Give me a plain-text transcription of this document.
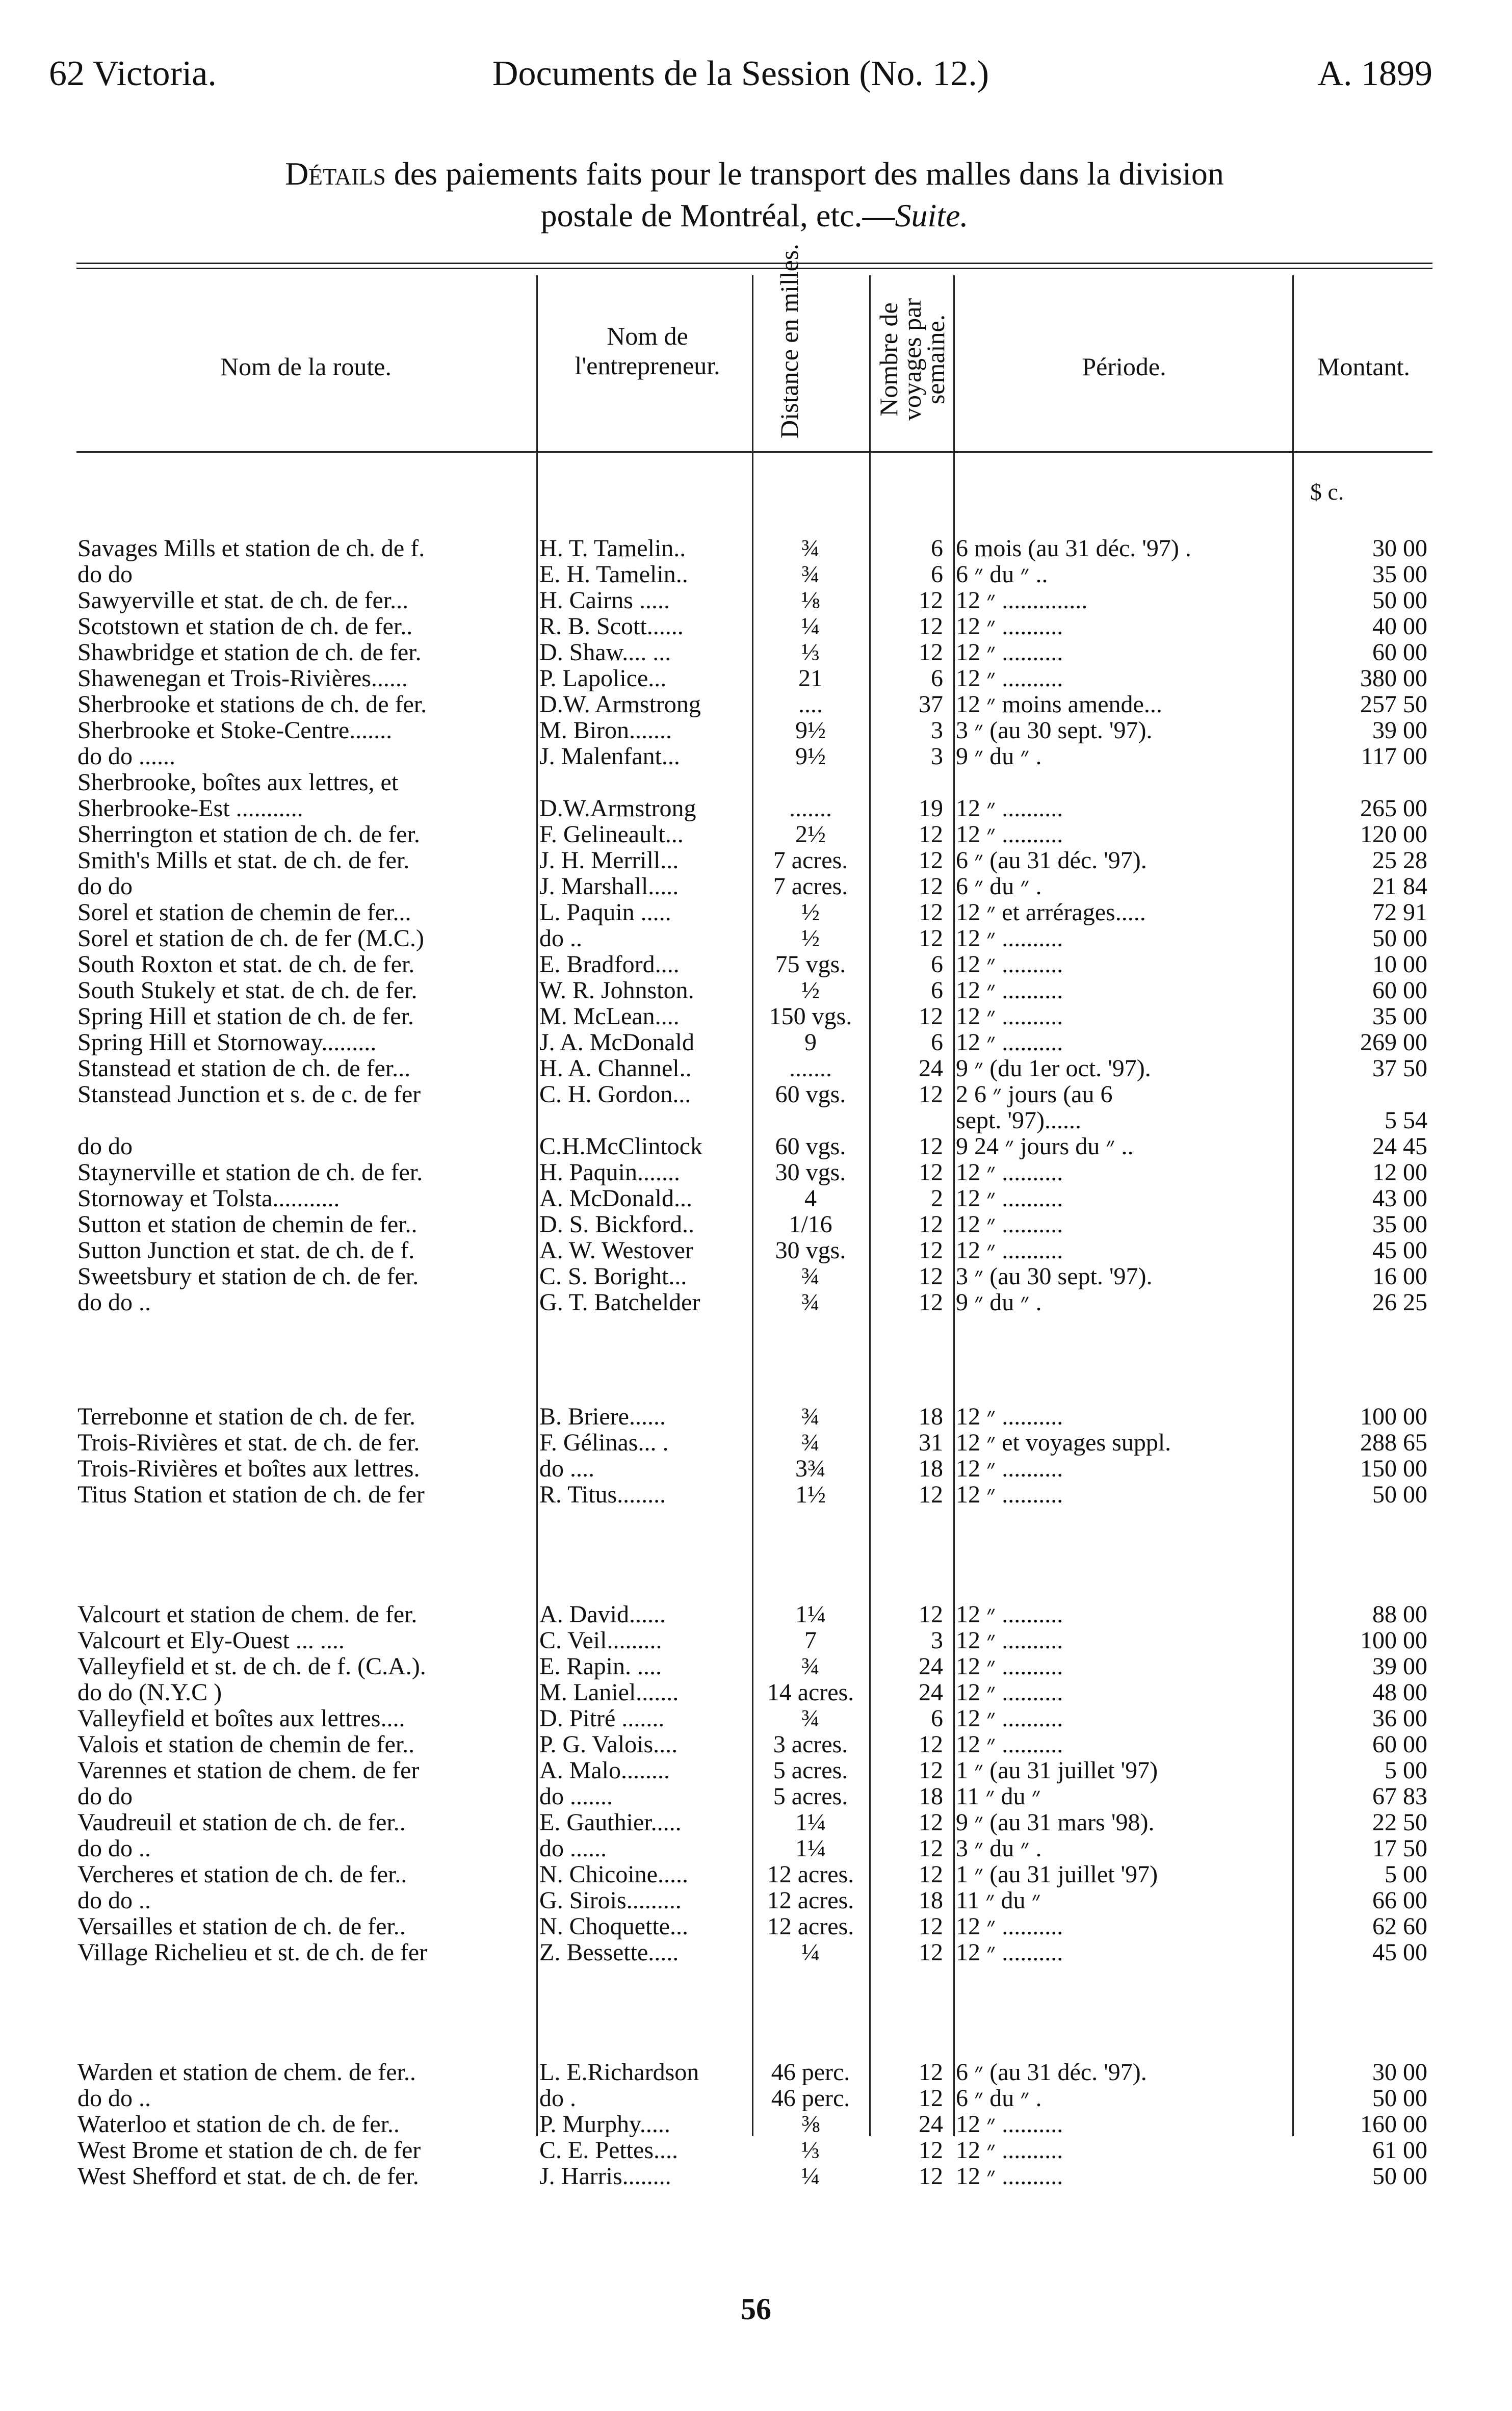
62 Victoria.	Documents de la Session (No. 12.)	A. 1899
Détails des paiements faits pour le transport des malles dans la division
postale de Montréal, etc.—Suite.
Nom de la route.
Nom de l'entrepreneur.	Distance en milles.	Nombre de voyages par semaine.	Période.	Montant.
$ c.
Savages Mills et station de ch. de f.	H. T. Tamelin..	¾	6 6 mois (au 31 déc. '97) .	30 00
do do	E. H. Tamelin..	¾	6 6 ״ du ״ ..	35 00
Sawyerville et stat. de ch. de fer...	H. Cairns .....	⅛	12 12 ״ ..............	50 00
Scotstown et station de ch. de fer..	R. B. Scott......	¼	12 12 ״ ..........	40 00
Shawbridge et station de ch. de fer.	D. Shaw.... ...	⅓	12 12 ״ ..........	60 00
Shawenegan et Trois-Rivières......	P. Lapolice...	21	6 12 ״ ..........	380 00
Sherbrooke et stations de ch. de fer.	D.W. Armstrong	....	37 12 ״ moins amende...	257 50
Sherbrooke et Stoke-Centre.......	M. Biron.......	9½	3 3 ״ (au 30 sept. '97).	39 00
do do ......	J. Malenfant...	9½	3 9 ״ du ״ .	117 00
Sherbrooke, boîtes aux lettres, et
Sherbrooke-Est ...........	D.W.Armstrong	.......	19 12 ״ ..........	265 00
Sherrington et station de ch. de fer.	F. Gelineault...	2½	12 12 ״ ..........	120 00
Smith's Mills et stat. de ch. de fer.	J. H. Merrill...	7 acres.	12 6 ״ (au 31 déc. '97).	25 28
do do	J. Marshall.....	7 acres.	12 6 ״ du ״ .	21 84
Sorel et station de chemin de fer...	L. Paquin .....	½	12 12 ״ et arrérages.....	72 91
Sorel et station de ch. de fer (M.C.)	do ..	½	12 12 ״ ..........	50 00
South Roxton et stat. de ch. de fer.	E. Bradford....	75 vgs.	6 12 ״ ..........	10 00
South Stukely et stat. de ch. de fer.	W. R. Johnston.	½	6 12 ״ ..........	60 00
Spring Hill et station de ch. de fer.	M. McLean....	150 vgs.	12 12 ״ ..........	35 00
Spring Hill et Stornoway.........	J. A. McDonald	9	6 12 ״ ..........	269 00
Stanstead et station de ch. de fer...	H. A. Channel..	.......	24 9 ״ (du 1er oct. '97).	37 50
Stanstead Junction et s. de c. de fer	C. H. Gordon...	60 vgs.	12 2 ״ 6 jours (au 6
sept. '97)......	5 54
do do	C.H.McClintock	60 vgs.	12 9 ״ 24 jours du ״ ..	24 45
Staynerville et station de ch. de fer.	H. Paquin.......	30 vgs.	12 12 ״ ..........	12 00
Stornoway et Tolsta...........	A. McDonald...	4	2 12 ״ ..........	43 00
Sutton et station de chemin de fer..	D. S. Bickford..	1/16	12 12 ״ ..........	35 00
Sutton Junction et stat. de ch. de f.	A. W. Westover	30 vgs.	12 12 ״ ..........	45 00
Sweetsbury et station de ch. de fer.	C. S. Boright...	¾	12 3 ״ (au 30 sept. '97).	16 00
do do ..	G. T. Batchelder	¾	12 9 ״ du ״ .	26 25
Terrebonne et station de ch. de fer.	B. Briere......	¾	18 12 ״ ..........	100 00
Trois-Rivières et stat. de ch. de fer.	F. Gélinas... .	¾	31 12 ״ et voyages suppl.	288 65
Trois-Rivières et boîtes aux lettres.	do ....	3¾	18 12 ״ ..........	150 00
Titus Station et station de ch. de fer	R. Titus........	1½	12 12 ״ ..........	50 00
Valcourt et station de chem. de fer.	A. David......	1¼	12 12 ״ ..........	88 00
Valcourt et Ely-Ouest ... ....	C. Veil.........	7	3 12 ״ ..........	100 00
Valleyfield et st. de ch. de f. (C.A.).	E. Rapin. ....	¾	24 12 ״ ..........	39 00
do do (N.Y.C )	M. Laniel.......	14 acres.	24 12 ״ ..........	48 00
Valleyfield et boîtes aux lettres....	D. Pitré .......	¾	6 12 ״ ..........	36 00
Valois et station de chemin de fer..	P. G. Valois....	3 acres.	12 12 ״ ..........	60 00
Varennes et station de chem. de fer	A. Malo........	5 acres.	12 1 ״ (au 31 juillet '97)	5 00
do do	do .......	5 acres.	18 11 ״ du ״	67 83
Vaudreuil et station de ch. de fer..	E. Gauthier.....	1¼	12 9 ״ (au 31 mars '98).	22 50
do do ..	do ......	1¼	12 3 ״ du ״ .	17 50
Vercheres et station de ch. de fer..	N. Chicoine.....	12 acres.	12 1 ״ (au 31 juillet '97)	5 00
do do ..	G. Sirois.........	12 acres.	18 11 ״ du ״	66 00
Versailles et station de ch. de fer..	N. Choquette...	12 acres.	12 12 ״ ..........	62 60
Village Richelieu et st. de ch. de fer	Z. Bessette.....	¼	12 12 ״ ..........	45 00
Warden et station de chem. de fer..	L. E.Richardson	46 perc.	12 6 ״ (au 31 déc. '97).	30 00
do do ..	do .	46 perc.	12 6 ״ du ״ .	50 00
Waterloo et station de ch. de fer..	P. Murphy.....	⅜	24 12 ״ ..........	160 00
West Brome et station de ch. de fer	C. E. Pettes....	⅓	12 12 ״ ..........	61 00
West Shefford et stat. de ch. de fer.	J. Harris........	¼	12 12 ״ ..........	50 00
56
